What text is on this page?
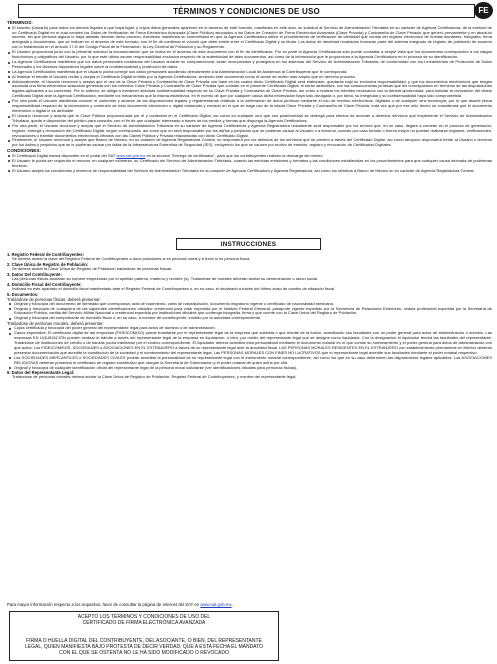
TÉRMINOS Y CONDICIONES DE USO	FE
TÉRMINOS:
El suscrito (Usuario) para todos los efectos legales a que haya lugar, y cuyos datos generales aparecen en el anverso de este formato, manifiesta en este acto, su solicitud al Servicio de Administración Tributaria en su carácter de Agencia Certificadora, de la emisión de un Certificado Digital en el cual consten los Datos de Verificación de Firma Electrónica Avanzada (Clave Pública) asociados a los Datos de Creación de Firma Electrónica Avanzada (Clave Privada) y Contraseña de Clave Privada, que generó previamente y en absoluto secreto, sin que persona alguna lo haya asistido durante dicho proceso. Asimismo manifiesta su conformidad en que la Agencia Certificadora utilice el procedimiento de verificación de identidad que consta del registro electrónico de huellas dactilares, fotografía, firma autógrafa y documentos, que se indican en el anverso de este formato, con el fin de confirmar el vínculo que debe existir entre el Certificado Digital y su titular. Los datos de identidad recabados formarán parte del sistema integrado de registro de población de acuerdo con lo establecido en el artículo 17-D del Código Fiscal de la Federación, la Ley General de Población y su Reglamento.
El Usuario proporciona junto con la presente solicitud la documentación que se indica en el anverso de este documento con el fin de identificarse. Por su parte la Agencia Certificadora sólo puede constatar a simple vista que los documentos corresponden a los rasgos fisonómicos y caligráficos del Usuario, por lo que este último asume responsabilidad exclusiva respecto de la autenticidad de tales documentos, así como de la información que le proporcione a la Agencia Certificadora en el proceso de su identificación.
La Agencia Certificadora manifiesta que los datos personales recabados del Usuario durante su comparecencia, serán incorporados y protegidos en los sistemas del Servicio de Administración Tributaria, de conformidad con los Lineamientos de Protección de Datos Personales y los diversos dispositivos legales sobre la confidencialidad y protección de datos.
La Agencia Certificadora manifiesta que el Usuario podrá corregir sus datos personales acudiendo directamente a la Administración Local de Asistencia al Contribuyente que le corresponda.
Al finalizar el trámite el Usuario recibe y acepta el Certificado Digital emitido por la Agencia Certificadora, sirviendo este documento como el acuse de recibo más amplio que en derecho proceda.
Adicionalmente, el Usuario reconoce y acepta que el uso de la Clave Privada y Contraseña de Clave Privada con base en las cuales dicho Certificado Digital será elaborado, quedarán bajo su exclusiva responsabilidad, y que los documentos electrónicos que tengan asociada una firma electrónica avanzada generada con los referidos Clave Privada y Contraseña de Clave Privada que constan en el presente Certificado Digital, le serán atribuibles, con las consecuencias jurídicas que les correspondan en términos de las disposiciones legales aplicables a su contenido. Por lo anterior, se obliga a mantener absoluta confidencialidad respecto de su Clave Privada y Contraseña de Clave Privada, así como a realizar los trámites necesarios con la debida oportunidad, para solicitar la revocación del citado Certificado Digital ante la Agencia Certificadora, mediante los mecanismos que la misma establezca, en el evento de que por cualquier causa dicha información haya sido divulgada o, por tanto, su integridad y su confidencialidad haya sido comprometida.
Por otra parte el Usuario manifiesta conocer el contenido y alcance de las disposiciones legales y reglamentarias relativas a la celebración de actos jurídicos mediante el uso de medios electrónicos, digitales o de cualquier otra tecnología; por lo que asume plena responsabilidad respecto de la información y contenido de todo documento electrónico o digital elaborado y enviado en el que se haga uso de la citada Clave Privada y Contraseña de Clave Privada, toda vez que por ese sólo hecho se considerará que el documento electrónico o digital le es atribuible.
El Usuario reconoce y acepta que la Clave Pública proporcionada por él y contenida en el Certificado Digital, así como en cualquier otro que con posterioridad se obtenga para efectos de acceder a diversos servicios que implemente el Servicio de Administración Tributaria, quede a disposición del público para consulta, con el fin de que cualquier interesado a través de los medios y formas que disponga la Agencia Certificadora.
Por otra parte, el Usuario reconoce y acepta que el Servicio de Administración Tributaria en su carácter de Agencia Certificadora y Agencia Registradora únicamente será responsable por los errores que, en su caso, llegare a cometer en el proceso de generación, registro, entrega y revocación del Certificado Digital, según corresponda, así como que no será responsable por los daños y perjuicios que se pudieran causar al Usuario o a terceros, cuando por caso fortuito o fuerza mayor no puedan realizarse registros, verificaciones, revocaciones o tramitar documentos electrónicos cifrados con las Claves Pública y Privada relacionadas con dicho Certificado Digital.
Finalmente, el Usuario reconoce y acepta que Banco de México, en su carácter de Agencia Registradora Central, no responderá por los defectos de los servicios que se presten a través del Certificado Digital, así como tampoco responderá frente al Usuario o terceros por los daños y perjuicios que se le pudieran causar por fallas de la Infraestructura Extendida de Seguridad (IES), incluyendo los que se causen por motivo de emisión, registro y revocación de Certificados Digitales.
CONDICIONES:
El Certificado Digital estará disponible en el portal del SAT www.sat.gob.mx en la sección "Entrega de certificados", para que los contribuyentes realicen la descarga del mismo.
El Usuario le podrá ser requerido el renovar, en cualquier momento, su Certificado del Servicio de Administración Tributaria, cuando las estrictas emisiones y formatos y las condiciones establecidas en los procedimientos para que cualquier causa derivada de problemas técnicos.
El Usuario acepta los condiciones y términos de responsabilidad del Servicio de Administración Tributaria en su carácter de Agencia Certificadora y Agencia Registradora, así como los relativos a Banco de México en su carácter de Agencia Registradora Central.
INSTRUCCIONES
1. Registro Federal de Contribuyentes:
Se deberá anotar la clave del Registro Federal de Contribuyentes a doce posiciones si es persona moral y a trece si es persona física.
2. Clave Única de Registro de Población:
Se deberá anotar la Clave Única de Registro de Población tratándose de personas físicas.
3. Datos Del Contribuyente:
Las personas físicas anotarán su nombre empezando por el apellido paterno, materno y nombre (s). Tratándose de morales deberán anotar su denominación o razón social.
4. Domicilio Fiscal del Contribuyente:
Indicará en este apartado el domicilio fiscal manifestado ante el Registro Federal de Contribuyentes o, en su caso, el declarado a través del último aviso de cambio de situación fiscal.
5. Documentos:
Tratándose de personas físicas, deberá presentar:
Original y fotocopia del documento de identidad que corresponda: acta de nacimiento, carta de naturalización, documento migratorio vigente o certificado de nacionalidad mexicana.
Original y fotocopia de cualquiera de las siguientes identificaciones oficiales: credencial para votar expedida por el Instituto Federal Electoral, pasaporte vigente expedido por la Secretaría de Relaciones Exteriores, cédula profesional expedida por la Secretaría de Educación Pública, cartilla del Servicio Militar Nacional o credencial expedida por instituciones oficiales que contenga fotografía, firma y que cuente con la Clave Única del Registro de Población.
Original y fotocopia del comprobante de domicilio fiscal o, en su caso, a nombre de contribuyente, emitido por la autoridad correspondiente.
Tratándose de personas morales, deberá presentar:
Copia certificada y fotocopia del poder general del representante legal para actos de dominio o de administración.
Casos especiales: El certificado digital de las empresas (FIDEICOMISO) puede tramitarse por el representante legal de la empresa que subsista o que resulte de la fusión, acreditando sus facultades con un poder general para actos de administración o dominio. Las empresas EN LIQUIDACIÓN pueden realizar el trámite a través del representante legal de la empresa en liquidación, o bien, por medio del representante legal que se designe como liquidador. Con la designación el liquidador tendrá las facultades del representante. Tratándose de instituciones de crédito o de fianzas podrá tramitarse por el síndico correspondiente. El liquidador deberá acreditar esta personalidad mediante el documento notarial en el que conste su nombramiento y el poder general para actos de administración con que actúa. Los FIDEICOMISOS, SOCIEDADES o ASOCIACIONES EN EL EXTRANJERO a través de su representante legal ante la autoridad fiscal. LAS PERSONAS MORALES RESIDENTES EN EL EXTRANJERO con establecimiento permanente en México deberán presentar documentación que acredite la constitución de la sociedad y el nombramiento del representante legal. Las PERSONAS MORALES CON FINES NO LUCRATIVOS que el representante legal acredite sus facultades mediante el poder notarial respectivo.
Las SOCIEDADES MERCANTILES o SOCIEDADES CIVILES podrán acreditar la personalidad de su representante legal con el instrumento notarial correspondiente, así como los que en su caso determinen las disposiciones legales aplicables. Las ASOCIACIONES RELIGIOSAS deberán presentar el certificado de registro constitutivo que otorgue la Secretaría de Gobernación y el poder notarial de quien actúe por ella.
Original y fotocopia de cualquier identificación oficial del representante legal de la persona moral solicitante (ver identificaciones oficiales para personas físicas).
6. Datos del Representante Legal:
Tratándose de personas morales deberá anotar la Clave Única de Registro de Población, Registro Federal de Contribuyentes, y nombre del representante legal.
Para mayor información respecto a los requisitos, favor de consultar la página de Internet del SAT en www.sat.gob.mx.
ACEPTO LOS TÉRMINOS Y CONDICIONES DE USO DEL
CERTIFICADO DE FIRMA ELECTRÓNICA AVANZADA
FIRMA O HUELLA DIGITAL DEL CONTRIBUYENTE, DEL ASOCIANTE, O BIEN, DEL REPRESENTANTE
LEGAL, QUIEN MANIFIESTA BAJO PROTESTA DE DECIR VERDAD, QUE A ESTA FECHA EL MANDATO
CON EL QUE SE OSTENTA NO LE HA SIDO MODIFICADO O REVOCADO
